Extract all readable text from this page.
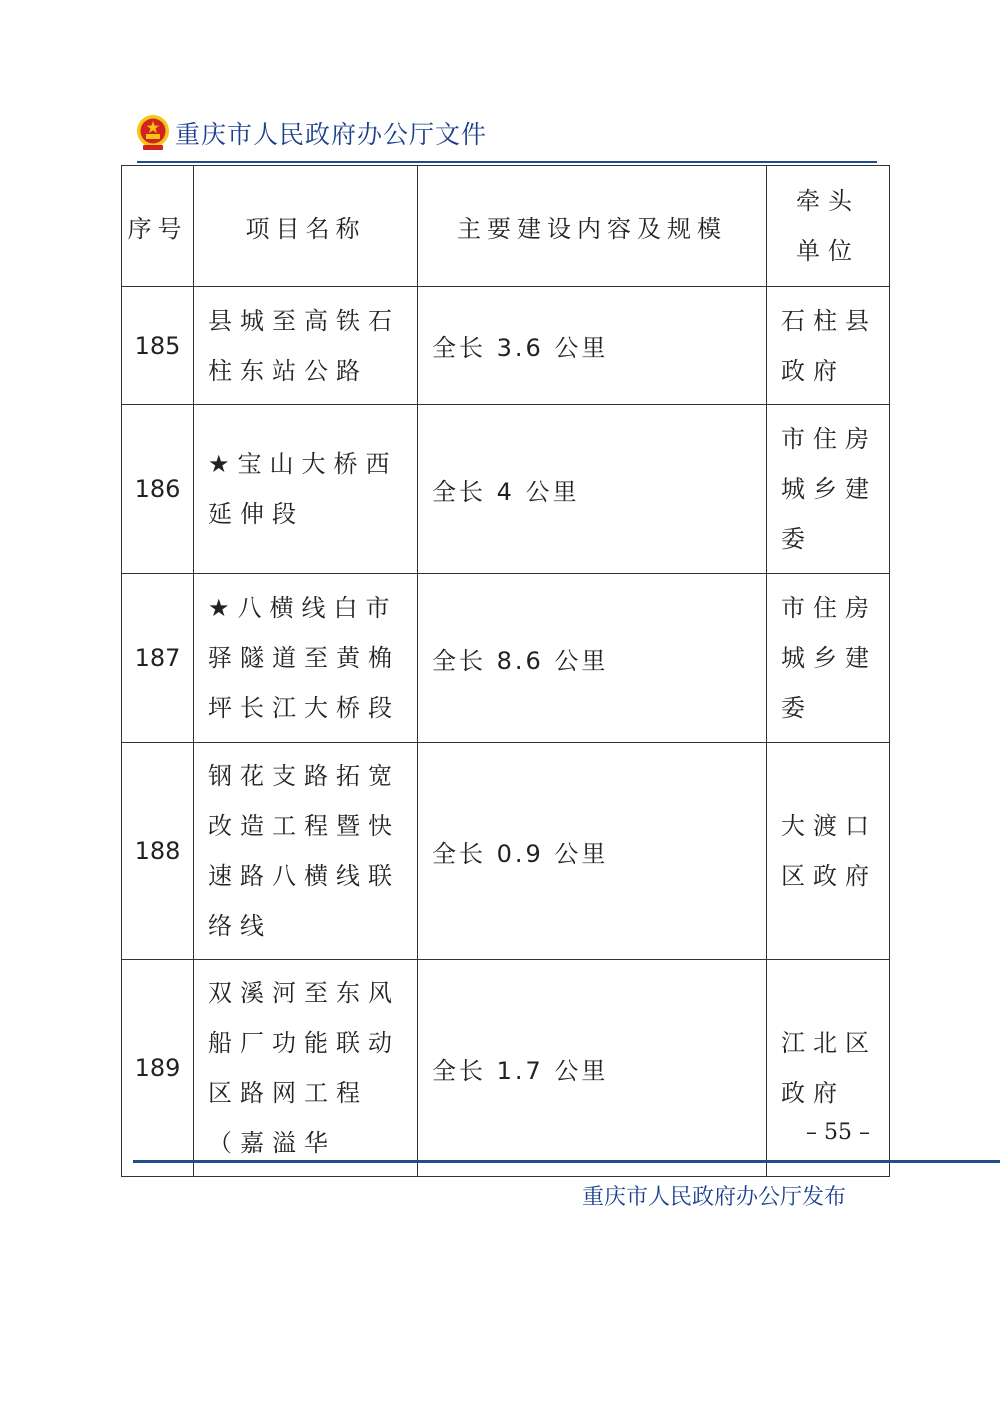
重庆市人民政府办公厅文件
序号	项目名称	主要建设内容及规模	牵头单位
185	县城至高铁石柱东站公路	全长 3.6 公里	石柱县政府
186	★宝山大桥西延伸段	全长 4 公里	市住房城乡建委
187	★八横线白市驿隧道至黄桷坪长江大桥段	全长 8.6 公里	市住房城乡建委
188	钢花支路拓宽改造工程暨快速路八横线联络线	全长 0.9 公里	大渡口区政府
189	双溪河至东风船厂功能联动区路网工程（嘉溢华	全长 1.7 公里	江北区政府
– 55 –
重庆市人民政府办公厅发布
